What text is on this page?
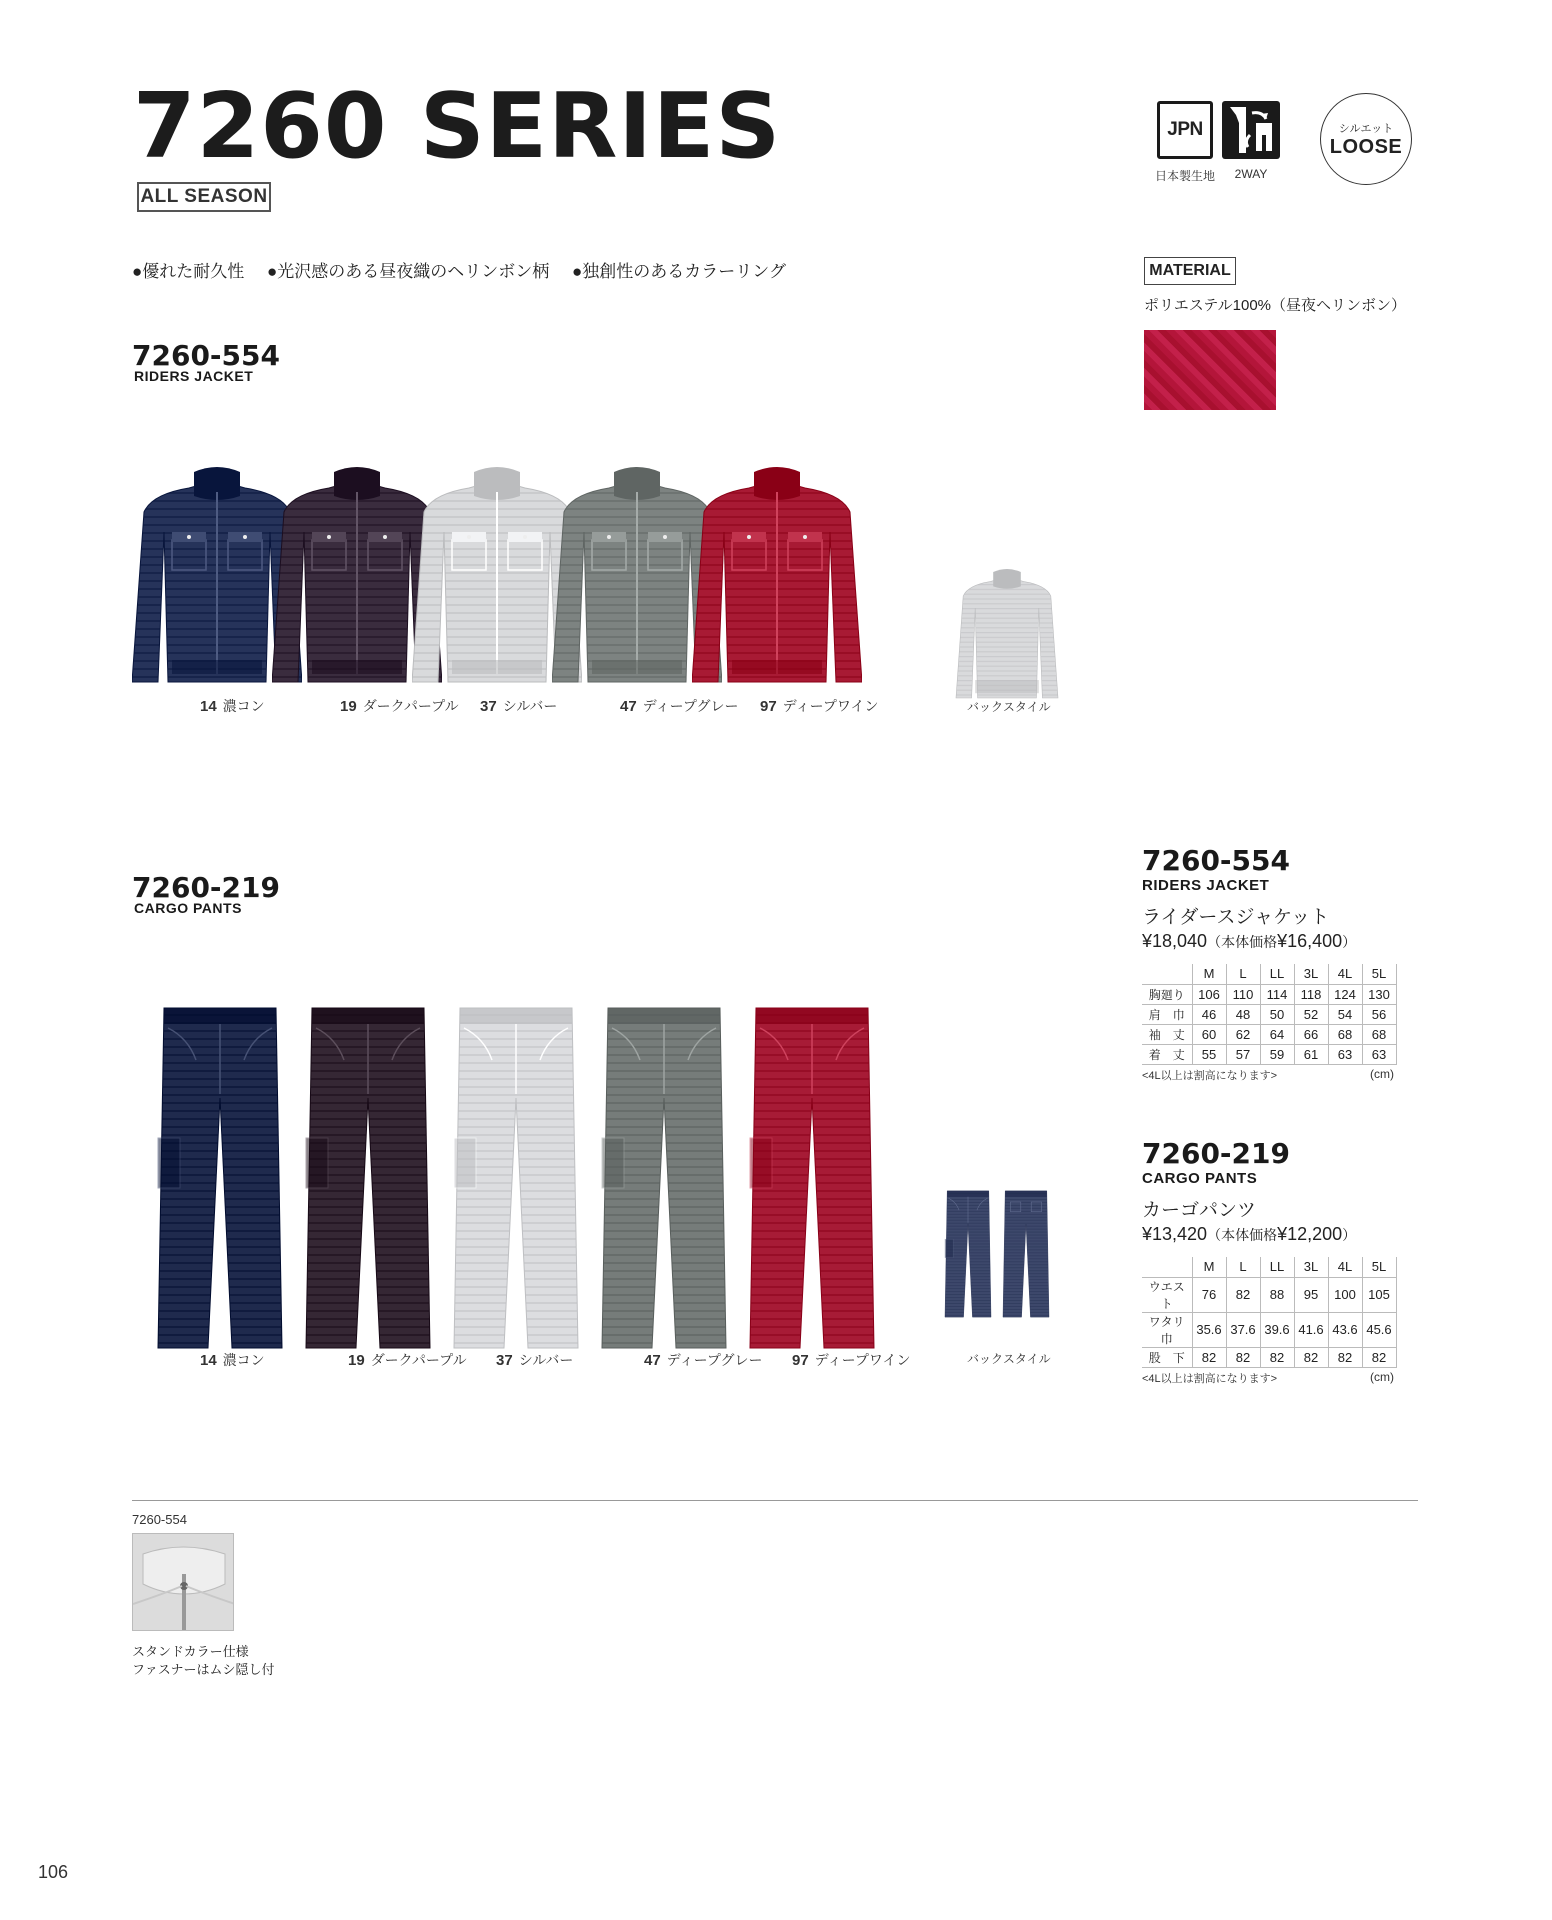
7260 SERIES
ALL SEASON
JPN
日本製生地	2WAY
シルエット
LOOSE
●優れた耐久性 ●光沢感のある昼夜織のヘリンボン柄 ●独創性のあるカラーリング	MATERIAL
ポリエステル100%（昼夜ヘリンボン）
7260-554
RIDERS JACKET
14 濃コン	19 ダークパープル 37 シルバー	47 ディープグレー 97 ディープワイン	バックスタイル
7260-219
CARGO PANTS
14 濃コン	19 ダークパープル 37 シルバー	47 ディープグレー 97 ディープワイン	バックスタイル
7260-554
RIDERS JACKET
ライダースジャケット
¥18,040（本体価格¥16,400）
	M	L	LL	3L	4L	5L
胸廻り	106	110	114	118	124	130
肩　巾	46	48	50	52	54	56
袖　丈	60	62	64	66	68	68
着　丈	55	57	59	61	63	63
<4L以上は割高になります>	(cm)
7260-219
CARGO PANTS
カーゴパンツ
¥13,420（本体価格¥12,200）
	M	L	LL	3L	4L	5L
ウエスト	76	82	88	95	100	105
ワタリ巾	35.6	37.6	39.6	41.6	43.6	45.6
股　下	82	82	82	82	82	82
<4L以上は割高になります>	(cm)
7260-554
スタンドカラー仕様
ファスナーはムシ隠し付
106
